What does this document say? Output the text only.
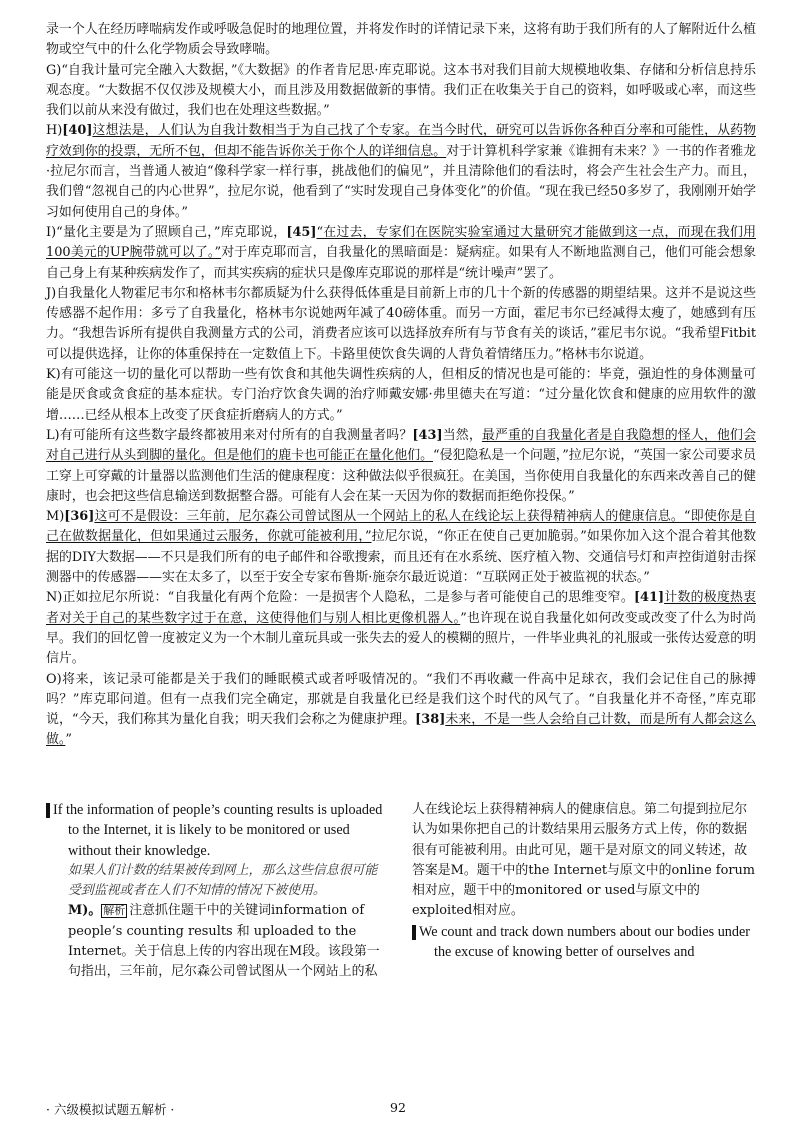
录一个人在经历哮喘病发作或呼吸急促时的地理位置，并将发作时的详情记录下来，这将有助于我们所有的人了解附近什么植物或空气中的什么化学物质会导致哮喘。

G)“自我计量可完全融入大数据，”《大数据》的作者肯尼思·库克耶说。这本书对我们目前大规模地收集、存储和分析信息持乐观态度。“大数据不仅仅涉及规模大小，而且涉及用数据做新的事情。我们正在收集关于自己的资料，如呼吸或心率，而这些我们以前从来没有做过，我们也在处理这些数据。”

H)[40]这想法是，人们认为自我计数相当于为自己找了个专家。在当今时代，研究可以告诉你各种百分率和可能性，从药物疗效到你的投票，无所不包，但却不能告诉你关于你个人的详细信息。对于计算机科学家兼《谁拥有未来？》一书的作者雅龙·拉尼尔而言，当普通人被迫“像科学家一样行事，挑战他们的偏见”，并且清除他们的看法时，将会产生社会生产力。而且，我们曾“忽视自己的内心世界”，拉尼尔说，他看到了“实时发现自己身体变化”的价值。“现在我已经50多岁了，我刚刚开始学习如何使用自己的身体。”

I)“量化主要是为了照顾自己，”库克耶说，[45]“在过去，专家们在医院实验室通过大量研究才能做到这一点，而现在我们用100美元的UP腕带就可以了。”对于库克耶而言，自我量化的黑暗面是：疑病症。如果有人不断地监测自己，他们可能会想象自己身上有某种疾病发作了，而其实疾病的症状只是像库克耶说的那样是“统计噪声”罢了。

J)自我量化人物霍尼韦尔和格林韦尔都质疑为什么获得低体重是目前新上市的几十个新的传感器的期望结果。这并不是说这些传感器不起作用：多亏了自我量化，格林韦尔说她两年减了40磅体重。而另一方面，霍尼韦尔已经减得太瘦了，她感到有压力。“我想告诉所有提供自我测量方式的公司，消费者应该可以选择放弃所有与节食有关的谈话，”霍尼韦尔说。“我希望Fitbit可以提供选择，让你的体重保持在一定数值上下。卡路里使饮食失调的人背负着情绪压力。”格林韦尔说道。

K)有可能这一切的量化可以帮助一些有饮食和其他失调性疾病的人，但相反的情况也是可能的：毕竟，强迫性的身体测量可能是厌食或贪食症的基本症状。专门治疗饮食失调的治疗师戴安娜·弗里德夫在写道：“过分量化饮食和健康的应用软件的激增……已经从根本上改变了厌食症折磨病人的方式。”

L)有可能所有这些数字最终都被用来对付所有的自我测量者吗？[43]当然，最严重的自我量化者是自我隐想的怪人，他们会对自己进行从头到脚的量化。但是他们的鹿卡也可能正在量化他们。“侵犯隐私是一个问题，”拉尼尔说，“英国一家公司要求员工穿上可穿戴的计量器以监测他们生活的健康程度：这种做法似乎很疯狂。在美国，当你使用自我量化的东西来改善自己的健康时，也会把这些信息输送到数据整合器。可能有人会在某一天因为你的数据而拒绝你投保。”

M)[36]这可不是假设：三年前，尼尔森公司曾试图从一个网站上的私人在线论坛上获得精神病人的健康信息。“即使你是自己在做数据量化，但如果通过云服务，你就可能被利用，”拉尼尔说，“你正在使自己更加脆弱。”如果你加入这个混合着其他数据的DIY大数据——不只是我们所有的电子邮件和谷歌搜索，而且还有在水系统、医疗植入物、交通信号灯和声控街道射击探测器中的传感器——实在太多了，以至于安全专家布鲁斯·施奈尔最近说道：“互联网正处于被监视的状态。”

N)正如拉尼尔所说：“自我量化有两个危险：一是损害个人隐私，二是参与者可能使自己的思维变窄。[41]计数的极度热衷者对关于自己的某些数字过于在意，这使得他们与别人相比更像机器人。”也许现在说自我量化如何改变或改变了什么为时尚早。我们的回忆曾一度被定义为一个木制儿童玩具或一张失去的爱人的模糊的照片，一件毕业典礼的礼服或一张传达爱意的明信片。

O)将来，该记录可能都是关于我们的睡眠模式或者呼吸情况的。“我们不再收藏一件高中足球衣，我们会记住自己的脉搏吗？”库克耶问道。但有一点我们完全确定，那就是自我量化已经是我们这个时代的风气了。“自我量化并不奇怪，”库克耶说，“今天，我们称其为量化自我；明天我们会称之为健康护理。[38]未来，不是一些人会给自己计数，而是所有人都会这么做。”

36. If the information of people’s counting results is uploaded to the Internet, it is likely to be monitored or used without their knowledge.

如果人们计数的结果被传到网上，那么这些信息很可能受到监视或者在人们不知情的情况下被使用。

M)。 解析 注意抓住题干中的关键词information of people’s counting results 和 uploaded to the Internet。关于信息上传的内容出现在M段。该段第一句指出，三年前，尼尔森公司曾试图从一个网站上的私

人在线论坛上获得精神病人的健康信息。第二句提到拉尼尔认为如果你把自己的计数结果用云服务方式上传，你的数据很有可能被利用。由此可见，题干是对原文的同义转述，故答案是M。题干中的the Internet与原文中的online forum相对应，题干中的monitored or used与原文中的exploited相对应。

37. We count and track down numbers about our bodies under the excuse of knowing better of ourselves and

· 六级模拟试题五解析 ·	92
